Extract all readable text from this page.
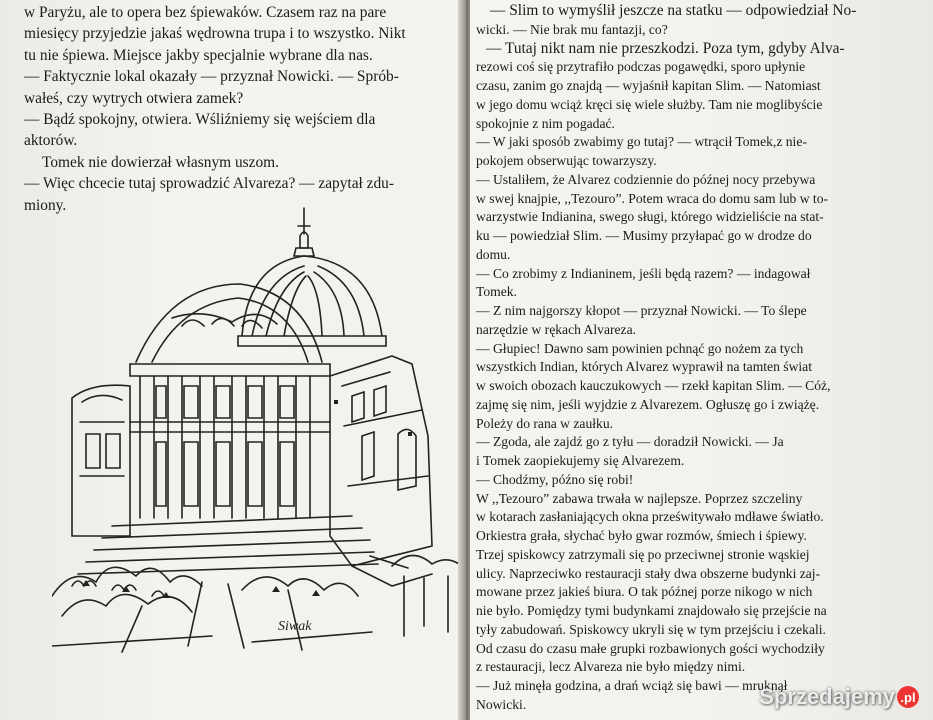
w Paryżu, ale to opera bez śpiewaków. Czasem raz na pare
miesięcy przyjedzie jakaś wędrowna trupa i to wszystko. Nikt
tu nie śpiewa. Miejsce jakby specjalnie wybrane dla nas.
— Faktycznie lokal okazały — przyznał Nowicki. — Sprób-
wałeś, czy wytrych otwiera zamek?
— Bądź spokojny, otwiera. Wśliźniemy się wejściem dla
aktorów.
Tomek nie dowierzał własnym uszom.
— Więc chcecie tutaj sprowadzić Alvareza? — zapytał zdu-
miony.
Siwak
— Slim to wymyślił jeszcze na statku — odpowiedział No-
wicki. — Nie brak mu fantazji, co?
— Tutaj nikt nam nie przeszkodzi. Poza tym, gdyby Alva-
rezowi coś się przytrafiło podczas pogawędki, sporo upłynie
czasu, zanim go znajdą — wyjaśnił kapitan Slim. — Natomiast
w jego domu wciąż kręci się wiele służby. Tam nie moglibyście
spokojnie z nim pogadać.
— W jaki sposób zwabimy go tutaj? — wtrącił Tomek,z nie-
pokojem obserwując towarzyszy.
— Ustaliłem, że Alvarez codziennie do późnej nocy przebywa
w swej knajpie, ,,Tezouro”. Potem wraca do domu sam lub w to-
warzystwie Indianina, swego sługi, którego widzieliście na stat-
ku — powiedział Slim. — Musimy przyłapać go w drodze do
domu.
— Co zrobimy z Indianinem, jeśli będą razem? — indagował
Tomek.
— Z nim najgorszy kłopot — przyznał Nowicki. — To ślepe
narzędzie w rękach Alvareza.
— Głupiec! Dawno sam powinien pchnąć go nożem za tych
wszystkich Indian, których Alvarez wyprawił na tamten świat
w swoich obozach kauczukowych — rzekł kapitan Slim. — Cóż,
zajmę się nim, jeśli wyjdzie z Alvarezem. Ogłuszę go i zwiążę.
Poleży do rana w zaułku.
— Zgoda, ale zajdź go z tyłu — doradził Nowicki. — Ja
i Tomek zaopiekujemy się Alvarezem.
— Chodźmy, późno się robi!
W ,,Tezouro” zabawa trwała w najlepsze. Poprzez szczeliny
w kotarach zasłaniających okna prześwitywało mdławe światło.
Orkiestra grała, słychać było gwar rozmów, śmiech i śpiewy.
Trzej spiskowcy zatrzymali się po przeciwnej stronie wąskiej
ulicy. Naprzeciwko restauracji stały dwa obszerne budynki zaj-
mowane przez jakieś biura. O tak późnej porze nikogo w nich
nie było. Pomiędzy tymi budynkami znajdowało się przejście na
tyły zabudowań. Spiskowcy ukryli się w tym przejściu i czekali.
Od czasu do czasu małe grupki rozbawionych gości wychodziły
z restauracji, lecz Alvareza nie było między nimi.
— Już minęła godzina, a drań wciąż się bawi — mruknął
Nowicki.	Sprzedajemy .pl
